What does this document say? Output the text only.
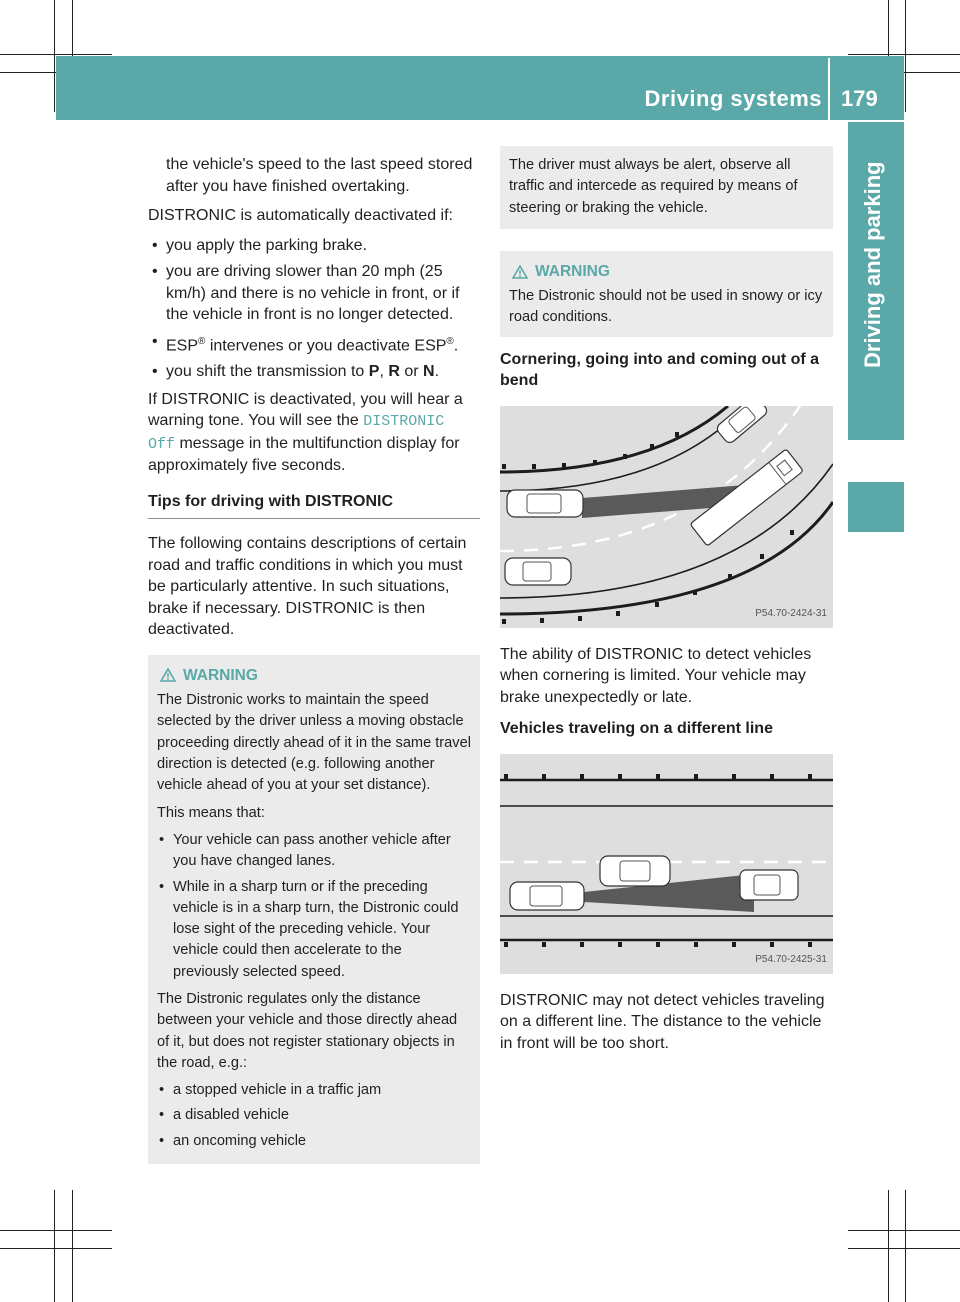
Driving systems 179
Driving and parking

the vehicle's speed to the last speed stored after you have finished overtaking.

DISTRONIC is automatically deactivated if:

• you apply the parking brake.
• you are driving slower than 20 mph (25 km/h) and there is no vehicle in front, or if the vehicle in front is no longer detected.
• ESP® intervenes or you deactivate ESP®.
• you shift the transmission to P, R or N.

If DISTRONIC is deactivated, you will hear a warning tone. You will see the DISTRONIC Off message in the multifunction display for approximately five seconds.

Tips for driving with DISTRONIC

The following contains descriptions of certain road and traffic conditions in which you must be particularly attentive. In such situations, brake if necessary. DISTRONIC is then deactivated.

WARNING

The Distronic works to maintain the speed selected by the driver unless a moving obstacle proceeding directly ahead of it in the same travel direction is detected (e.g. following another vehicle ahead of you at your set distance).

This means that:

• Your vehicle can pass another vehicle after you have changed lanes.
• While in a sharp turn or if the preceding vehicle is in a sharp turn, the Distronic could lose sight of the preceding vehicle. Your vehicle could then accelerate to the previously selected speed.

The Distronic regulates only the distance between your vehicle and those directly ahead of it, but does not register stationary objects in the road, e.g.:

• a stopped vehicle in a traffic jam
• a disabled vehicle
• an oncoming vehicle
The driver must always be alert, observe all traffic and intercede as required by means of steering or braking the vehicle.
WARNING
The Distronic should not be used in snowy or icy road conditions.
Cornering, going into and coming out of a bend
P54.70-2424-31

The ability of DISTRONIC to detect vehicles when cornering is limited. Your vehicle may brake unexpectedly or late.

Vehicles traveling on a different line
P54.70-2425-31

DISTRONIC may not detect vehicles traveling on a different line. The distance to the vehicle in front will be too short.
